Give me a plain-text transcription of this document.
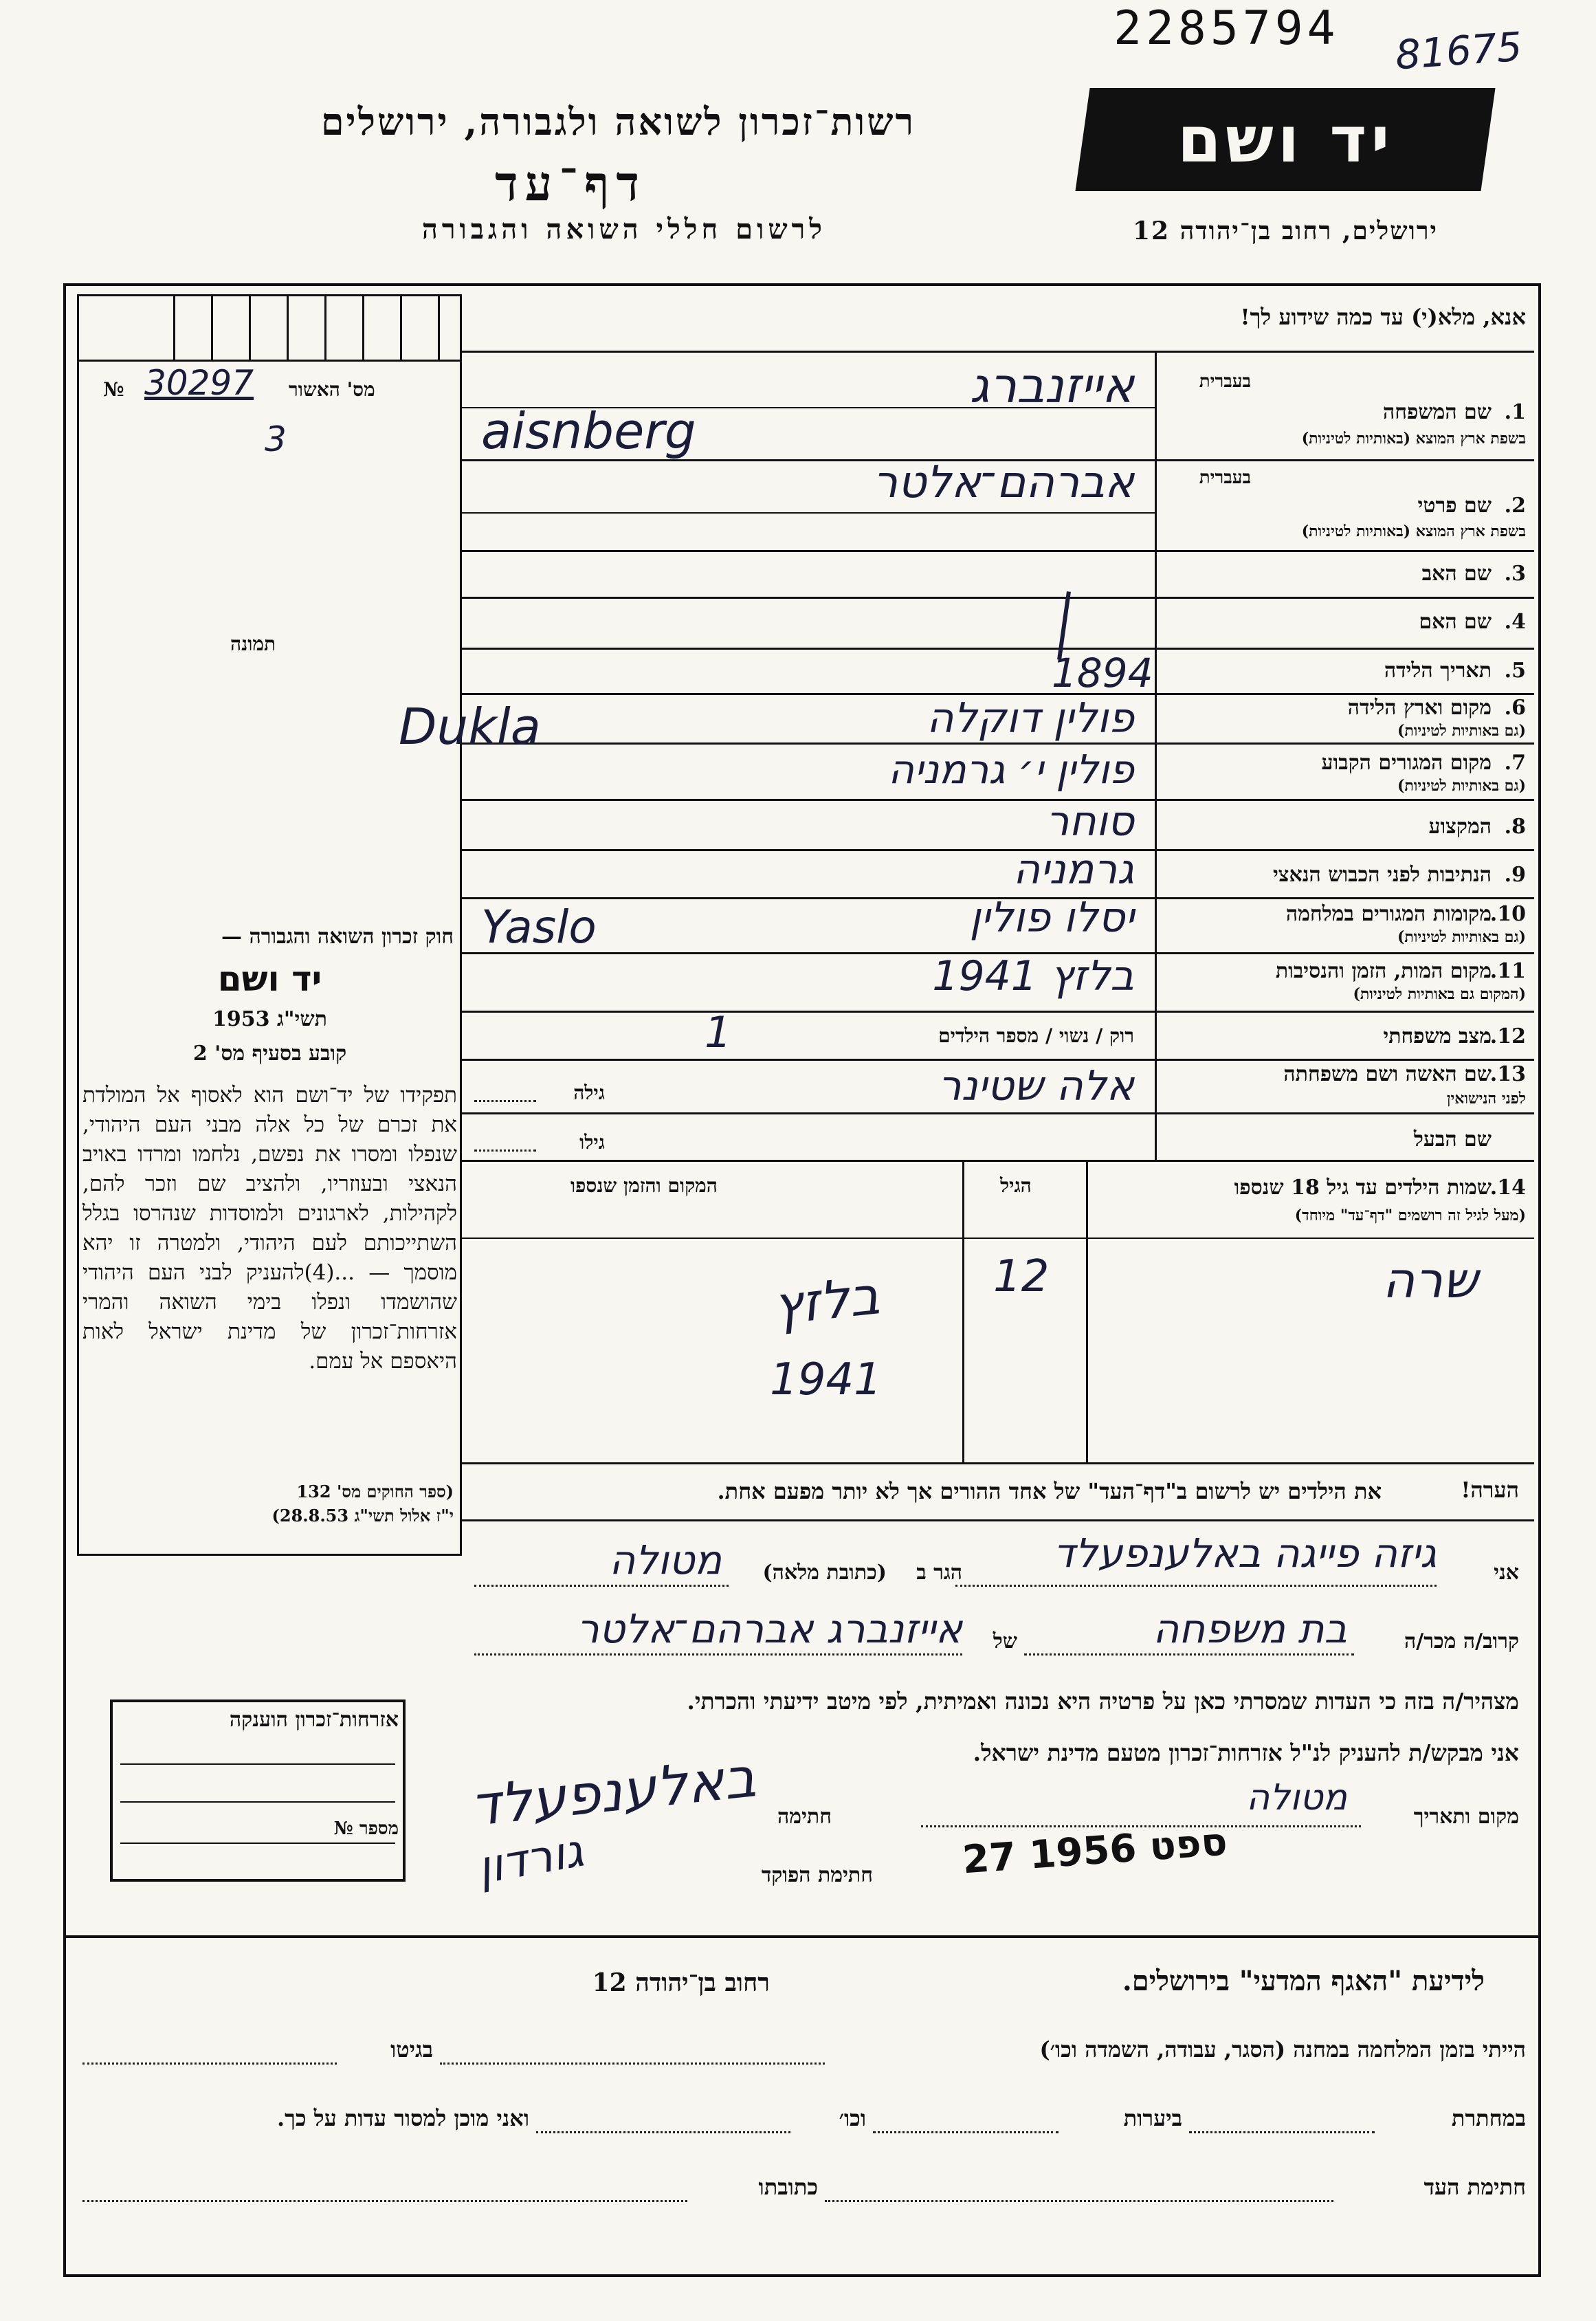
2285794 81675
רשות־זכרון לשואה ולגבורה, ירושלים
דף־עד
לרשום חללי השואה והגבורה
יד ושם
ירושלים, רחוב בן־יהודה 12
מס' האשור
№ 30297
3
תמונה
חוק זכרון השואה והגבורה —
יד ושם
תשי"ג 1953
קובע בסעיף מס' 2
תפקידו של יד־ושם הוא לאסוף אל המולדת את זכרם של כל אלה מבני העם היהודי, שנפלו ומסרו את נפשם, נלחמו ומרדו באויב הנאצי ובעוזריו, ולהציב שם וזכר להם, לקהילות, לארגונים ולמוסדות שנהרסו בגלל השתייכותם לעם היהודי, ולמטרה זו יהא מוסמך — ...(4)להעניק לבני העם היהודי שהושמדו ונפלו בימי השואה והמרי אזרחות־זכרון של מדינת ישראל לאות היאספם אל עמם.
(ספר החוקים מס' 132
י"ז אלול תשי"ג 28.8.53)
אנא, מלא(י) עד כמה שידוע לך!
בעברית
1.
שם המשפחה
בשפת ארץ המוצא (באותיות לטיניות)
אייזנברג
aisnberg
בעברית
2.
שם פרטי
בשפת ארץ המוצא (באותיות לטיניות)
אברהם־אלטר
3.
שם האב
4.
שם האם
5.
תאריך הלידה
1894
6.
מקום וארץ הלידה
(גם באותיות לטיניות)
פולין דוקלה
Dukla
7.
מקום המגורים הקבוע
(גם באותיות לטיניות)
פולין י׳ גרמניה
8.
המקצוע
סוחר
9.
הנתיבות לפני הכבוש הנאצי
גרמניה
10.
מקומות המגורים במלחמה
(גם באותיות לטיניות)
יסלו פולין
Yaslo
11.
מקום המות, הזמן והנסיבות
(המקום גם באותיות לטיניות)
בלזץ 1941
12.
מצב משפחתי
רוק / נשוי / מספר הילדים
1
13.
שם האשה ושם משפחתה
לפני הנישואין
גילה	אלה שטינר
שם הבעל
גילו
14.
שמות הילדים עד גיל 18 שנספו
(מעל לגיל זה רושמים "דף־עד" מיוחד)
הגיל
המקום והזמן שנספו
שרה
12
בלזץ
1941
הערה!
את הילדים יש לרשום ב"דף־העד" של אחד ההורים אך לא יותר מפעם אחת.
אני
גיזה פייגה באלענפעלד
הגר ב
(כתובת מלאה)
מטולה
קרוב/ה מכר/ה
בת משפחה
של
אייזנברג אברהם־אלטר
מצהיר/ה בזה כי העדות שמסרתי כאן על פרטיה היא נכונה ואמיתית, לפי מיטב ידיעתי והכרתי.
אני מבקש/ת להעניק לנ"ל אזרחות־זכרון מטעם מדינת ישראל.
מקום ותאריך
מטולה
27 ספט 1956
חתימה
באלענפעלד
חתימת הפוקד
גורדון
אזרחות־זכרון הוענקה
מספר №
לידיעת "האגף המדעי" בירושלים.
רחוב בן־יהודה 12
הייתי בזמן המלחמה במחנה (הסגר, עבודה, השמדה וכו׳)
בגיטו
במחתרת
ביערות
וכו׳
ואני מוכן למסור עדות על כך.
חתימת העד
כתובתו
